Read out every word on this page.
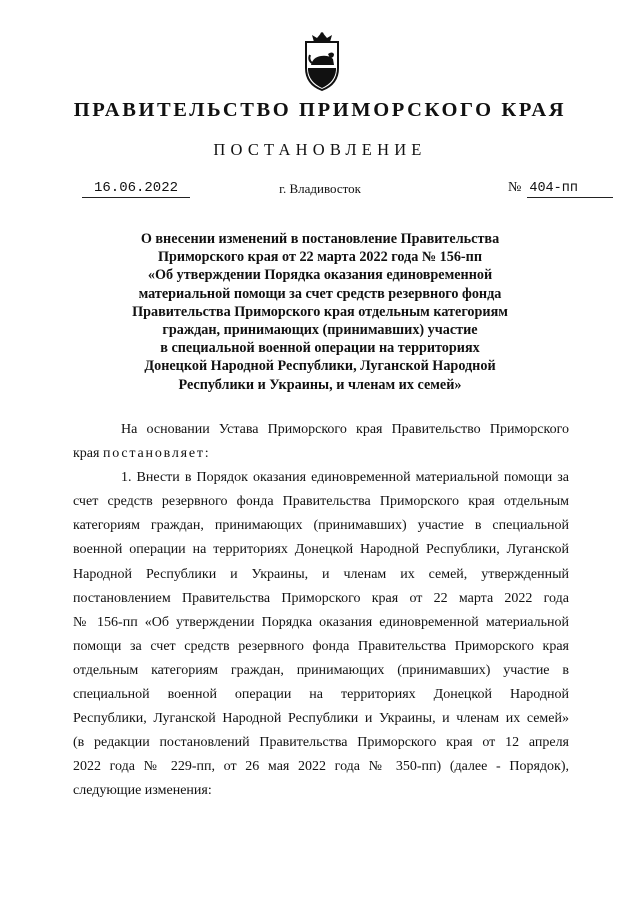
ПРАВИТЕЛЬСТВО ПРИМОРСКОГО КРАЯ
ПОСТАНОВЛЕНИЕ
16.06.2022	г. Владивосток	№ 404-пп
О внесении изменений в постановление Правительства
Приморского края от 22 марта 2022 года № 156-пп
«Об утверждении Порядка оказания единовременной
материальной помощи за счет средств резервного фонда
Правительства Приморского края отдельным категориям
граждан, принимающих (принимавших) участие
в специальной военной операции на территориях
Донецкой Народной Республики, Луганской Народной
Республики и Украины, и членам их семей»
На основании Устава Приморского края Правительство Приморского
края постановляет:
1. Внести в Порядок оказания единовременной материальной помощи за
счет средств резервного фонда Правительства Приморского края отдельным
категориям граждан, принимающих (принимавших) участие в специальной
военной операции на территориях Донецкой Народной Республики, Луганской
Народной Республики и Украины, и членам их семей, утвержденный
постановлением Правительства Приморского края от 22 марта 2022 года
№ 156-пп «Об утверждении Порядка оказания единовременной материальной
помощи за счет средств резервного фонда Правительства Приморского края
отдельным категориям граждан, принимающих (принимавших) участие в
специальной военной операции на территориях Донецкой Народной
Республики, Луганской Народной Республики и Украины, и членам их семей»
(в редакции постановлений Правительства Приморского края от 12 апреля
2022 года № 229-пп, от 26 мая 2022 года № 350-пп) (далее - Порядок),
следующие изменения:
